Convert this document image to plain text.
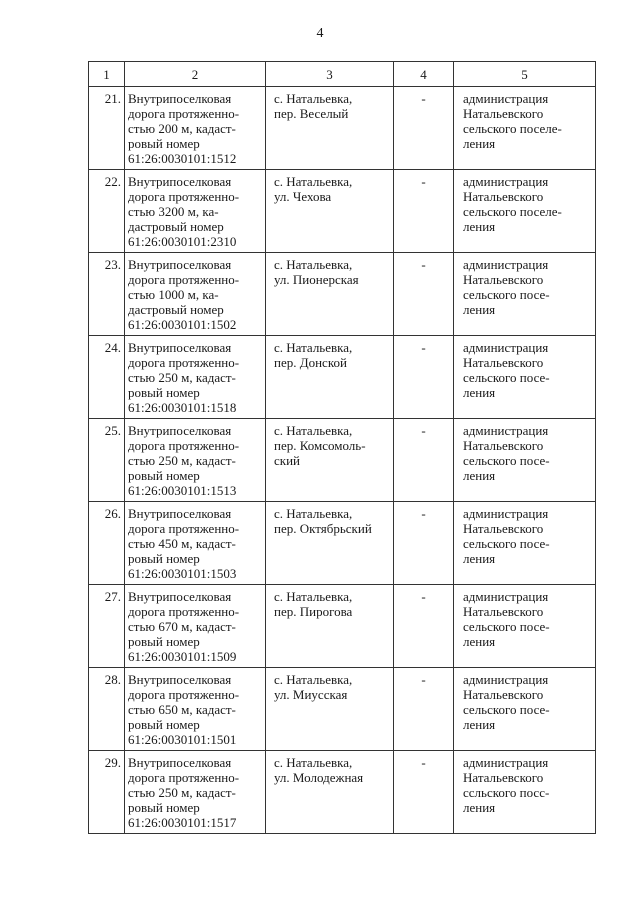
4
1	2	3	4	5
21.	Внутрипоселковая
дорога протяженно-
стью 200 м, кадаст-
ровый номер
61:26:0030101:1512	с. Натальевка,
пер. Веселый	-	администрация
Натальевского
сельского поселе-
ления

22.	Внутрипоселковая
дорога протяженно-
стью 3200 м, ка-
дастровый номер
61:26:0030101:2310	с. Натальевка,
ул. Чехова	-	администрация
Натальевского
сельского поселе-
ления

23.	Внутрипоселковая
дорога протяженно-
стью 1000 м, ка-
дастровый номер
61:26:0030101:1502	с. Натальевка,
ул. Пионерская	-	администрация
Натальевского
сельского посе-
ления

24.	Внутрипоселковая
дорога протяженно-
стью 250 м, кадаст-
ровый номер
61:26:0030101:1518	с. Натальевка,
пер. Донской	-	администрация
Натальевского
сельского посе-
ления

25.	Внутрипоселковая
дорога протяженно-
стью 250 м, кадаст-
ровый номер
61:26:0030101:1513	с. Натальевка,
пер. Комсомоль-
ский	-	администрация
Натальевского
сельского посе-
ления

26.	Внутрипоселковая
дорога протяженно-
стью 450 м, кадаст-
ровый номер
61:26:0030101:1503	с. Натальевка,
пер. Октябрьский	-	администрация
Натальевского
сельского посе-
ления

27.	Внутрипоселковая
дорога протяженно-
стью 670 м, кадаст-
ровый номер
61:26:0030101:1509	с. Натальевка,
пер. Пирогова	-	администрация
Натальевского
сельского посе-
ления

28.	Внутрипоселковая
дорога протяженно-
стью 650 м, кадаст-
ровый номер
61:26:0030101:1501	с. Натальевка,
ул. Миусская	-	администрация
Натальевского
сельского посе-
ления

29.	Внутрипоселковая
дорога протяженно-
стью 250 м, кадаст-
ровый номер
61:26:0030101:1517	с. Натальевка,
ул. Молодежная	-	администрация
Натальевского
ссльского посс-
ления
